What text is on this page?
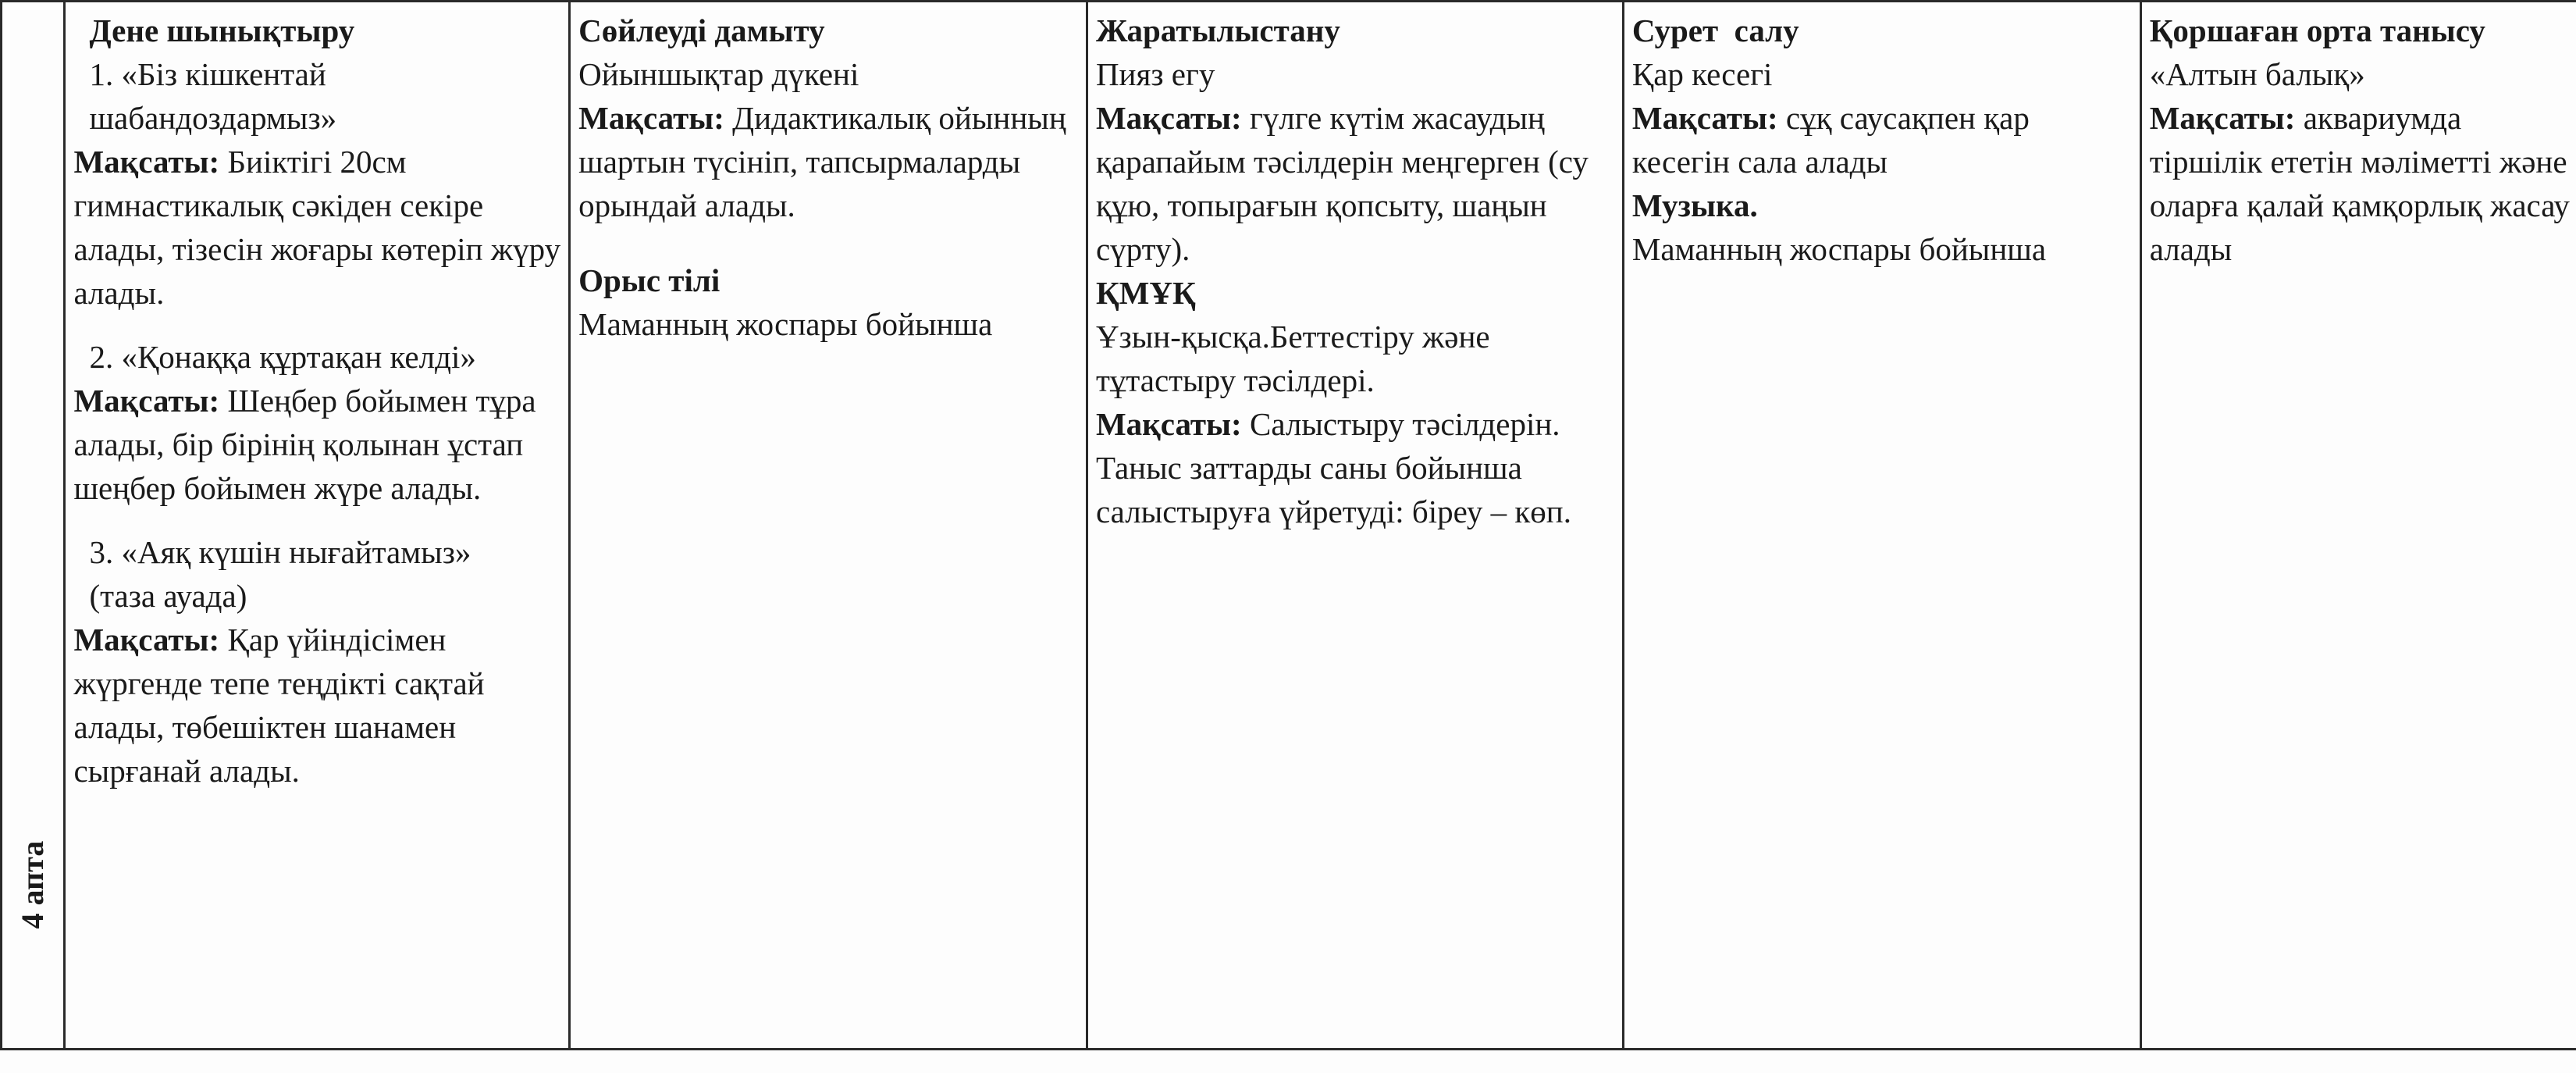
4 апта

Дене шынықтыру
1. «Біз кішкентай шабандоздармыз»
Мақсаты: Биіктігі 20см гимнастикалық сәкіден секіре алады, тізесін жоғары көтеріп жүру алады.
2. «Қонаққа құртақан келді»
Мақсаты: Шеңбер бойымен тұра алады, бір бірінің қолынан ұстап шеңбер бойымен жүре алады.
3. «Аяқ күшін нығайтамыз»     (таза ауада)
Мақсаты: Қар үйіндісімен жүргенде тепе теңдікті сақтай алады, төбешіктен шанамен сырғанай алады.

Сөйлеуді дамыту
Ойыншықтар дүкені
Мақсаты: Дидактикалық ойынның шартын түсініп, тапсырмаларды орындай алады.
Орыс тілі
Маманның жоспары бойынша

Жаратылыстану
Пияз егу
Мақсаты: гүлге күтім жасаудың қарапайым тәсілдерін меңгерген (су құю, топырағын қопсыту, шаңын сүрту).
ҚМҰҚ
Ұзын-қысқа.Беттестіру және тұтастыру тәсілдері.
Мақсаты: Салыстыру тәсілдерін. Таныс заттарды саны бойынша салыстыруға үйретуді: біреу – көп.

Сурет  салу
Қар кесегі
Мақсаты: сұқ саусақпен қар кесегін сала алады
Музыка.
Маманның жоспары бойынша

Қоршаған орта танысу
«Алтын балық»
Мақсаты: аквариумда тіршілік ететін мәліметті және оларға қалай қамқорлық жасау алады
